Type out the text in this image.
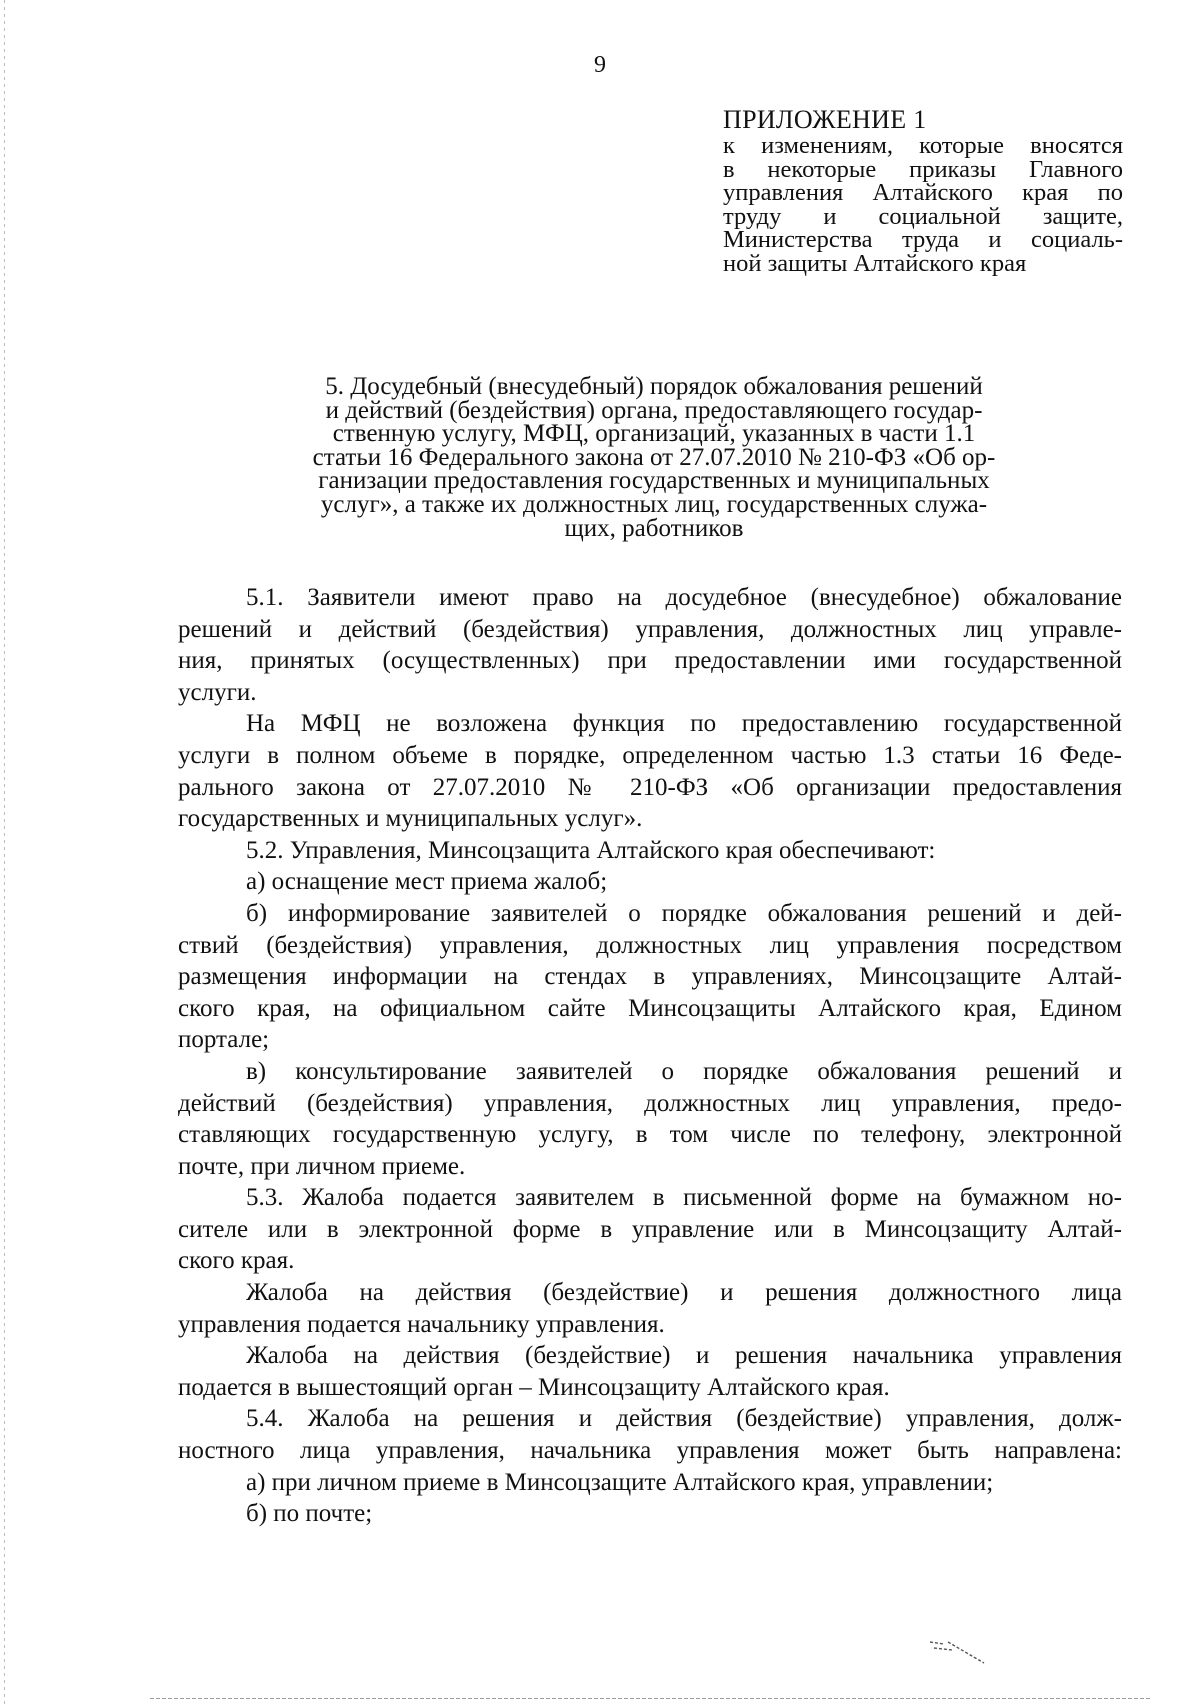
9
ПРИЛОЖЕНИЕ 1
к изменениям, которые вносятся
в некоторые приказы Главного
управления Алтайского края по
труду и социальной защите,
Министерства труда и социаль-
ной защиты Алтайского края
5. Досудебный (внесудебный) порядок обжалования решений
и действий (бездействия) органа, предоставляющего государ-
ственную услугу, МФЦ, организаций, указанных в части 1.1
статьи 16 Федерального закона от 27.07.2010 № 210-ФЗ «Об ор-
ганизации предоставления государственных и муниципальных
услуг», а также их должностных лиц, государственных служа-
щих, работников
5.1. Заявители имеют право на досудебное (внесудебное) обжалование
решений и действий (бездействия) управления, должностных лиц управле-
ния, принятых (осуществленных) при предоставлении ими государственной
услуги.
На МФЦ не возложена функция по предоставлению государственной
услуги в полном объеме в порядке, определенном частью 1.3 статьи 16 Феде-
рального закона от 27.07.2010 № 210-ФЗ «Об организации предоставления
государственных и муниципальных услуг».
5.2. Управления, Минсоцзащита Алтайского края обеспечивают:
а) оснащение мест приема жалоб;
б) информирование заявителей о порядке обжалования решений и дей-
ствий (бездействия) управления, должностных лиц управления посредством
размещения информации на стендах в управлениях, Минсоцзащите Алтай-
ского края, на официальном сайте Минсоцзащиты Алтайского края, Едином
портале;
в) консультирование заявителей о порядке обжалования решений и
действий (бездействия) управления, должностных лиц управления, предо-
ставляющих государственную услугу, в том числе по телефону, электронной
почте, при личном приеме.
5.3. Жалоба подается заявителем в письменной форме на бумажном но-
сителе или в электронной форме в управление или в Минсоцзащиту Алтай-
ского края.
Жалоба на действия (бездействие) и решения должностного лица
управления подается начальнику управления.
Жалоба на действия (бездействие) и решения начальника управления
подается в вышестоящий орган – Минсоцзащиту Алтайского края.
5.4. Жалоба на решения и действия (бездействие) управления, долж-
ностного лица управления, начальника управления может быть направлена:
а) при личном приеме в Минсоцзащите Алтайского края, управлении;
б) по почте;
